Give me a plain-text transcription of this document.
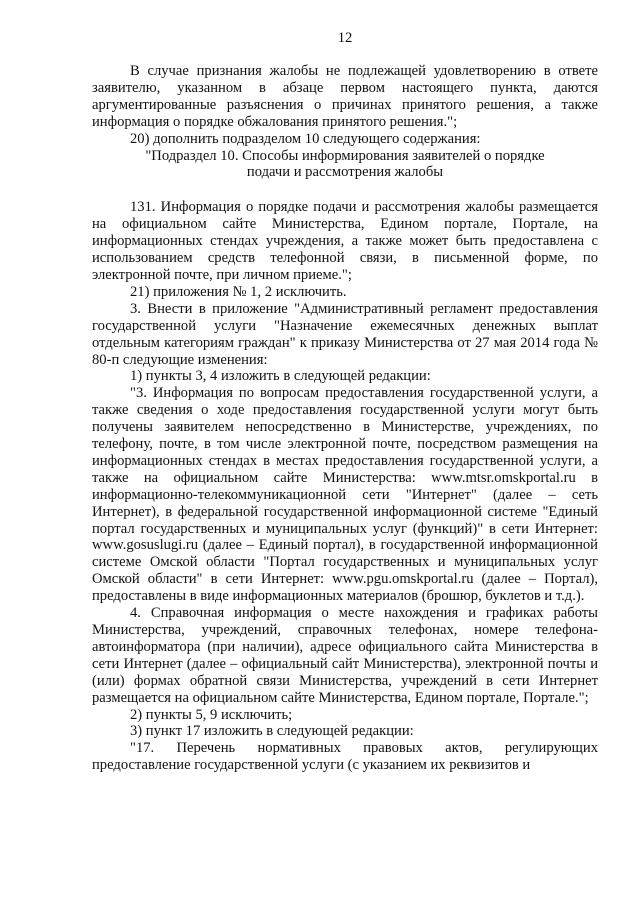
12

В случае признания жалобы не подлежащей удовлетворению в ответе заявителю, указанном в абзаце первом настоящего пункта, даются аргументированные разъяснения о причинах принятого решения, а также информация о порядке обжалования принятого решения.";

20) дополнить подразделом 10 следующего содержания:

"Подраздел 10. Способы информирования заявителей о порядке

подачи и рассмотрения жалобы

131. Информация о порядке подачи и рассмотрения жалобы размещается на официальном сайте Министерства, Едином портале, Портале, на информационных стендах учреждения, а также может быть предоставлена с использованием средств телефонной связи, в письменной форме, по электронной почте, при личном приеме.";

21) приложения № 1, 2 исключить.

3. Внести в приложение "Административный регламент предоставления государственной услуги "Назначение ежемесячных денежных выплат отдельным категориям граждан" к приказу Министерства от 27 мая 2014 года № 80-п следующие изменения:

1) пункты 3, 4 изложить в следующей редакции:

"3. Информация по вопросам предоставления государственной услуги, а также сведения о ходе предоставления государственной услуги могут быть получены заявителем непосредственно в Министерстве, учреждениях, по телефону, почте, в том числе электронной почте, посредством размещения на информационных стендах в местах предоставления государственной услуги, а также на официальном сайте Министерства: www.mtsr.omskportal.ru в информационно-телекоммуникационной сети "Интернет" (далее – сеть Интернет), в федеральной государственной информационной системе "Единый портал государственных и муниципальных услуг (функций)" в сети Интернет: www.gosuslugi.ru (далее – Единый портал), в государственной информационной системе Омской области "Портал государственных и муниципальных услуг Омской области" в сети Интернет: www.pgu.omskportal.ru (далее – Портал), предоставлены в виде информационных материалов (брошюр, буклетов и т.д.).

4. Справочная информация о месте нахождения и графиках работы Министерства, учреждений, справочных телефонах, номере телефона-автоинформатора (при наличии), адресе официального сайта Министерства в сети Интернет (далее – официальный сайт Министерства), электронной почты и (или) формах обратной связи Министерства, учреждений в сети Интернет размещается на официальном сайте Министерства, Едином портале, Портале.";

2) пункты 5, 9 исключить;

3) пункт 17 изложить в следующей редакции:

"17. Перечень нормативных правовых актов, регулирующих предоставление государственной услуги (с указанием их реквизитов и
